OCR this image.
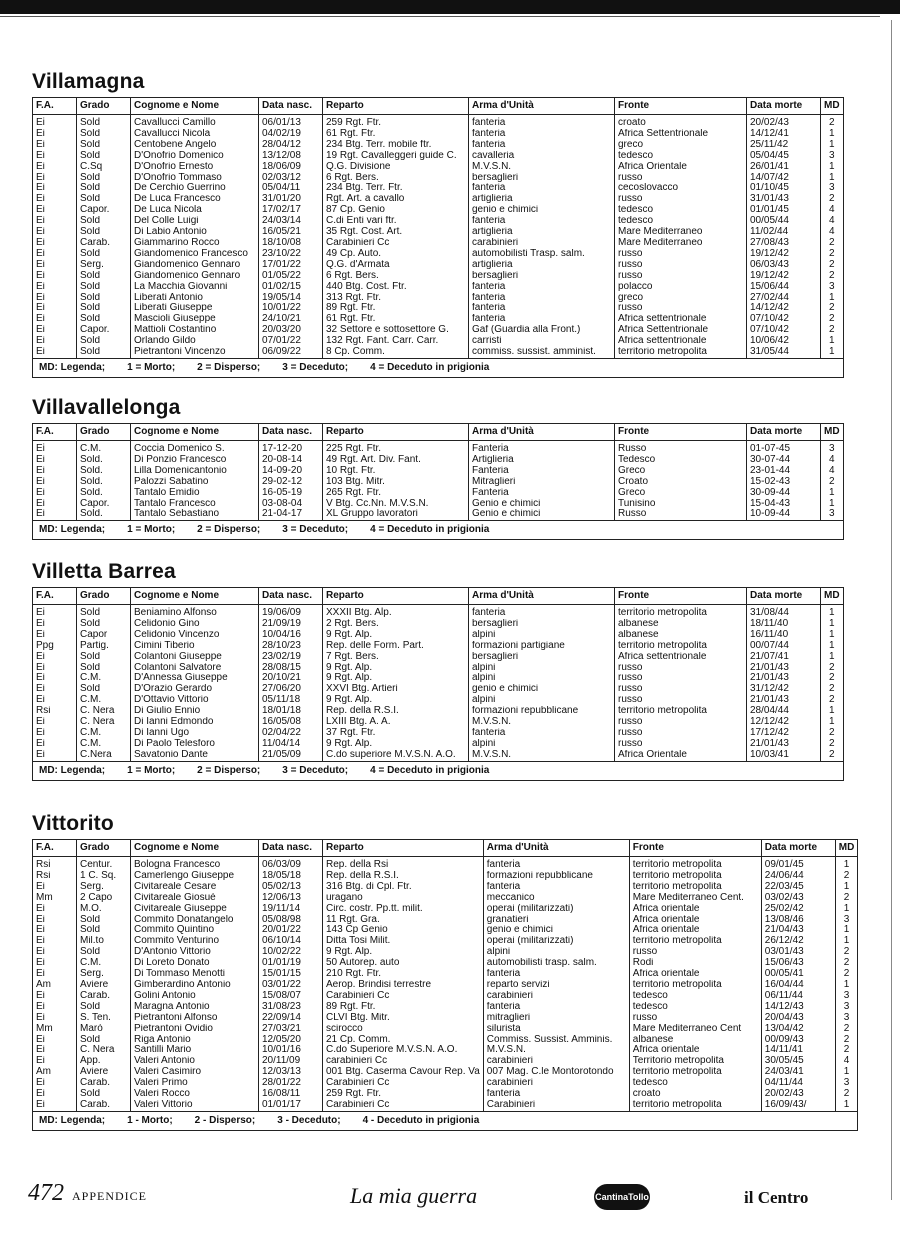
Villamagna
F.A.	Grado	Cognome e Nome	Data nasc.	Reparto	Arma d'Unità	Fronte	Data morte	MD
Ei	Sold	Cavallucci Camillo	06/01/13	259 Rgt. Ftr.	fanteria	croato	20/02/43	2
Ei	Sold	Cavallucci Nicola	04/02/19	61 Rgt. Ftr.	fanteria	Africa Settentrionale	14/12/41	1
Ei	Sold	Centobene Angelo	28/04/12	234 Btg. Terr. mobile ftr.	fanteria	greco	25/11/42	1
Ei	Sold	D'Onofrio Domenico	13/12/08	19 Rgt. Cavalleggeri guide C.	cavalleria	tedesco	05/04/45	3
Ei	C.Sq	D'Onofrio Ernesto	18/06/09	Q.G. Divisione	M.V.S.N.	Africa Orientale	26/01/41	1
Ei	Sold	D'Onofrio Tommaso	02/03/12	6 Rgt. Bers.	bersaglieri	russo	14/07/42	1
Ei	Sold	De Cerchio Guerrino	05/04/11	234 Btg. Terr. Ftr.	fanteria	cecoslovacco	01/10/45	3
Ei	Sold	De Luca Francesco	31/01/20	Rgt. Art. a cavallo	artiglieria	russo	31/01/43	2
Ei	Capor.	De Luca Nicola	17/02/17	87 Cp. Genio	genio e chimici	tedesco	01/01/45	4
Ei	Sold	Del Colle Luigi	24/03/14	C.di Enti vari ftr.	fanteria	tedesco	00/05/44	4
Ei	Sold	Di Labio Antonio	16/05/21	35 Rgt. Cost. Art.	artiglieria	Mare Mediterraneo	11/02/44	4
Ei	Carab.	Giammarino Rocco	18/10/08	Carabinieri Cc	carabinieri	Mare Mediterraneo	27/08/43	2
Ei	Sold	Giandomenico Francesco	23/10/22	49 Cp. Auto.	automobilisti Trasp. salm.	russo	19/12/42	2
Ei	Serg.	Giandomenico Gennaro	17/01/22	Q.G. d'Armata	artiglieria	russo	06/03/43	2
Ei	Sold	Giandomenico Gennaro	01/05/22	6 Rgt. Bers.	bersaglieri	russo	19/12/42	2
Ei	Sold	La Macchia Giovanni	01/02/15	440 Btg. Cost. Ftr.	fanteria	polacco	15/06/44	3
Ei	Sold	Liberati Antonio	19/05/14	313 Rgt. Ftr.	fanteria	greco	27/02/44	1
Ei	Sold	Liberati Giuseppe	10/01/22	89 Rgt. Ftr.	fanteria	russo	14/12/42	2
Ei	Sold	Mascioli Giuseppe	24/10/21	61 Rgt. Ftr.	fanteria	Africa settentrionale	07/10/42	2
Ei	Capor.	Mattioli Costantino	20/03/20	32 Settore e sottosettore G.	Gaf (Guardia alla Front.)	Africa Settentrionale	07/10/42	2
Ei	Sold	Orlando Gildo	07/01/22	132 Rgt. Fant. Carr. Carr.	carristi	Africa settentrionale	10/06/42	1
Ei	Sold	Pietrantoni Vincenzo	06/09/22	8 Cp. Comm.	commiss. sussist. amminist.	territorio metropolita	31/05/44	1
MD: Legenda; 1 = Morto; 2 = Disperso; 3 = Deceduto; 4 = Deceduto in prigionia								
Villavallelonga
F.A.	Grado	Cognome e Nome	Data nasc.	Reparto	Arma d'Unità	Fronte	Data morte	MD
Ei	C.M.	Coccia Domenico S.	17-12-20	225 Rgt. Ftr.	Fanteria	Russo	01-07-45	3
Ei	Sold.	Di Ponzio Francesco	20-08-14	49 Rgt. Art. Div. Fant.	Artiglieria	Tedesco	30-07-44	4
Ei	Sold.	Lilla Domenicantonio	14-09-20	10 Rgt. Ftr.	Fanteria	Greco	23-01-44	4
Ei	Sold.	Palozzi Sabatino	29-02-12	103 Btg. Mitr.	Mitraglieri	Croato	15-02-43	2
Ei	Sold.	Tantalo Emidio	16-05-19	265 Rgt. Ftr.	Fanteria	Greco	30-09-44	1
Ei	Capor.	Tantalo Francesco	03-08-04	V Btg. Cc.Nn. M.V.S.N.	Genio e chimici	Tunisino	15-04-43	1
Ei	Sold.	Tantalo Sebastiano	21-04-17	XL Gruppo lavoratori	Genio e chimici	Russo	10-09-44	3
MD: Legenda; 1 = Morto; 2 = Disperso; 3 = Deceduto; 4 = Deceduto in prigionia								
Villetta Barrea
F.A.	Grado	Cognome e Nome	Data nasc.	Reparto	Arma d'Unità	Fronte	Data morte	MD
Ei	Sold	Beniamino Alfonso	19/06/09	XXXII Btg. Alp.	fanteria	territorio metropolita	31/08/44	1
Ei	Sold	Celidonio Gino	21/09/19	2 Rgt. Bers.	bersaglieri	albanese	18/11/40	1
Ei	Capor	Celidonio Vincenzo	10/04/16	9 Rgt. Alp.	alpini	albanese	16/11/40	1
Ppg	Partig.	Cimini Tiberio	28/10/23	Rep. delle Form. Part.	formazioni partigiane	territorio metropolita	00/07/44	1
Ei	Sold	Colantoni Giuseppe	23/02/19	7 Rgt. Bers.	bersaglieri	Africa settentrionale	21/07/41	1
Ei	Sold	Colantoni Salvatore	28/08/15	9 Rgt. Alp.	alpini	russo	21/01/43	2
Ei	C.M.	D'Annessa Giuseppe	20/10/21	9 Rgt. Alp.	alpini	russo	21/01/43	2
Ei	Sold	D'Orazio Gerardo	27/06/20	XXVI Btg. Artieri	genio e chimici	russo	31/12/42	2
Ei	C.M.	D'Ottavio Vittorio	05/11/18	9 Rgt. Alp.	alpini	russo	21/01/43	2
Rsi	C. Nera	Di Giulio Ennio	18/01/18	Rep. della R.S.I.	formazioni repubblicane	territorio metropolita	28/04/44	1
Ei	C. Nera	Di Ianni Edmondo	16/05/08	LXIII Btg. A. A.	M.V.S.N.	russo	12/12/42	1
Ei	C.M.	Di Ianni Ugo	02/04/22	37 Rgt. Ftr.	fanteria	russo	17/12/42	2
Ei	C.M.	Di Paolo Telesforo	11/04/14	9 Rgt. Alp.	alpini	russo	21/01/43	2
Ei	C.Nera	Savatonio Dante	21/05/09	C.do superiore M.V.S.N. A.O.	M.V.S.N.	Africa Orientale	10/03/41	2
MD: Legenda; 1 = Morto; 2 = Disperso; 3 = Deceduto; 4 = Deceduto in prigionia								
Vittorito
F.A.	Grado	Cognome e Nome	Data nasc.	Reparto	Arma d'Unità	Fronte	Data morte	MD
Rsi	Centur.	Bologna Francesco	06/03/09	Rep. della Rsi	fanteria	territorio metropolita	09/01/45	1
Rsi	1 C. Sq.	Camerlengo Giuseppe	18/05/18	Rep. della R.S.I.	formazioni repubblicane	territorio metropolita	24/06/44	2
Ei	Serg.	Civitareale Cesare	05/02/13	316 Btg. di Cpl. Ftr.	fanteria	territorio metropolita	22/03/45	1
Mm	2 Capo	Civitareale Giosuè	12/06/13	uragano	meccanico	Mare Mediterraneo Cent.	03/02/43	2
Ei	M.O.	Civitareale Giuseppe	19/11/14	Circ. costr. Pp.tt. milit.	operai (militarizzati)	Africa orientale	25/02/42	1
Ei	Sold	Commito Donatangelo	05/08/98	11 Rgt. Gra.	granatieri	Africa orientale	13/08/46	3
Ei	Sold	Commito Quintino	20/01/22	143 Cp Genio	genio e chimici	Africa orientale	21/04/43	1
Ei	Mil.to	Commito Venturino	06/10/14	Ditta Tosi Milit.	operai (militarizzati)	territorio metropolita	26/12/42	1
Ei	Sold	D'Antonio Vittorio	10/02/22	9 Rgt. Alp.	alpini	russo	03/01/43	2
Ei	C.M.	Di Loreto Donato	01/01/19	50 Autorep. auto	automobilisti trasp. salm.	Rodi	15/06/43	2
Ei	Serg.	Di Tommaso Menotti	15/01/15	210 Rgt. Ftr.	fanteria	Africa orientale	00/05/41	2
Am	Aviere	Gimberardino Antonio	03/01/22	Aerop. Brindisi terrestre	reparto servizi	territorio metropolita	16/04/44	1
Ei	Carab.	Golini Antonio	15/08/07	Carabinieri Cc	carabinieri	tedesco	06/11/44	3
Ei	Sold	Maragna Antonio	31/08/23	89 Rgt. Ftr.	fanteria	tedesco	14/12/43	3
Ei	S. Ten.	Pietrantoni Alfonso	22/09/14	CLVI Btg. Mitr.	mitraglieri	russo	20/04/43	3
Mm	Marò	Pietrantoni Ovidio	27/03/21	scirocco	silurista	Mare Mediterraneo Cent	13/04/42	2
Ei	Sold	Riga Antonio	12/05/20	21 Cp. Comm.	Commiss. Sussist. Amminis.	albanese	00/09/43	2
Ei	C. Nera	Santilli Mario	10/01/16	C.do Superiore M.V.S.N. A.O.	M.V.S.N.	Africa orientale	14/11/41	2
Ei	App.	Valeri Antonio	20/11/09	carabinieri Cc	carabinieri	Territorio metropolita	30/05/45	4
Am	Aviere	Valeri Casimiro	12/03/13	001 Btg. Caserma Cavour Rep. Va	007 Mag. C.le Montorotondo	territorio metropolita	24/03/41	1
Ei	Carab.	Valeri Primo	28/01/22	Carabinieri Cc	carabinieri	tedesco	04/11/44	3
Ei	Sold	Valeri Rocco	16/08/11	259 Rgt. Ftr.	fanteria	croato	20/02/43	2
Ei	Carab.	Valeri Vittorio	01/01/17	Carabinieri Cc	Carabinieri	territorio metropolita	16/09/43/	1
MD: Legenda; 1 - Morto; 2 - Disperso; 3 - Deceduto; 4 - Deceduto in prigionia								
472 APPENDICE	La mia guerra	CantinaTollo	il Centro
